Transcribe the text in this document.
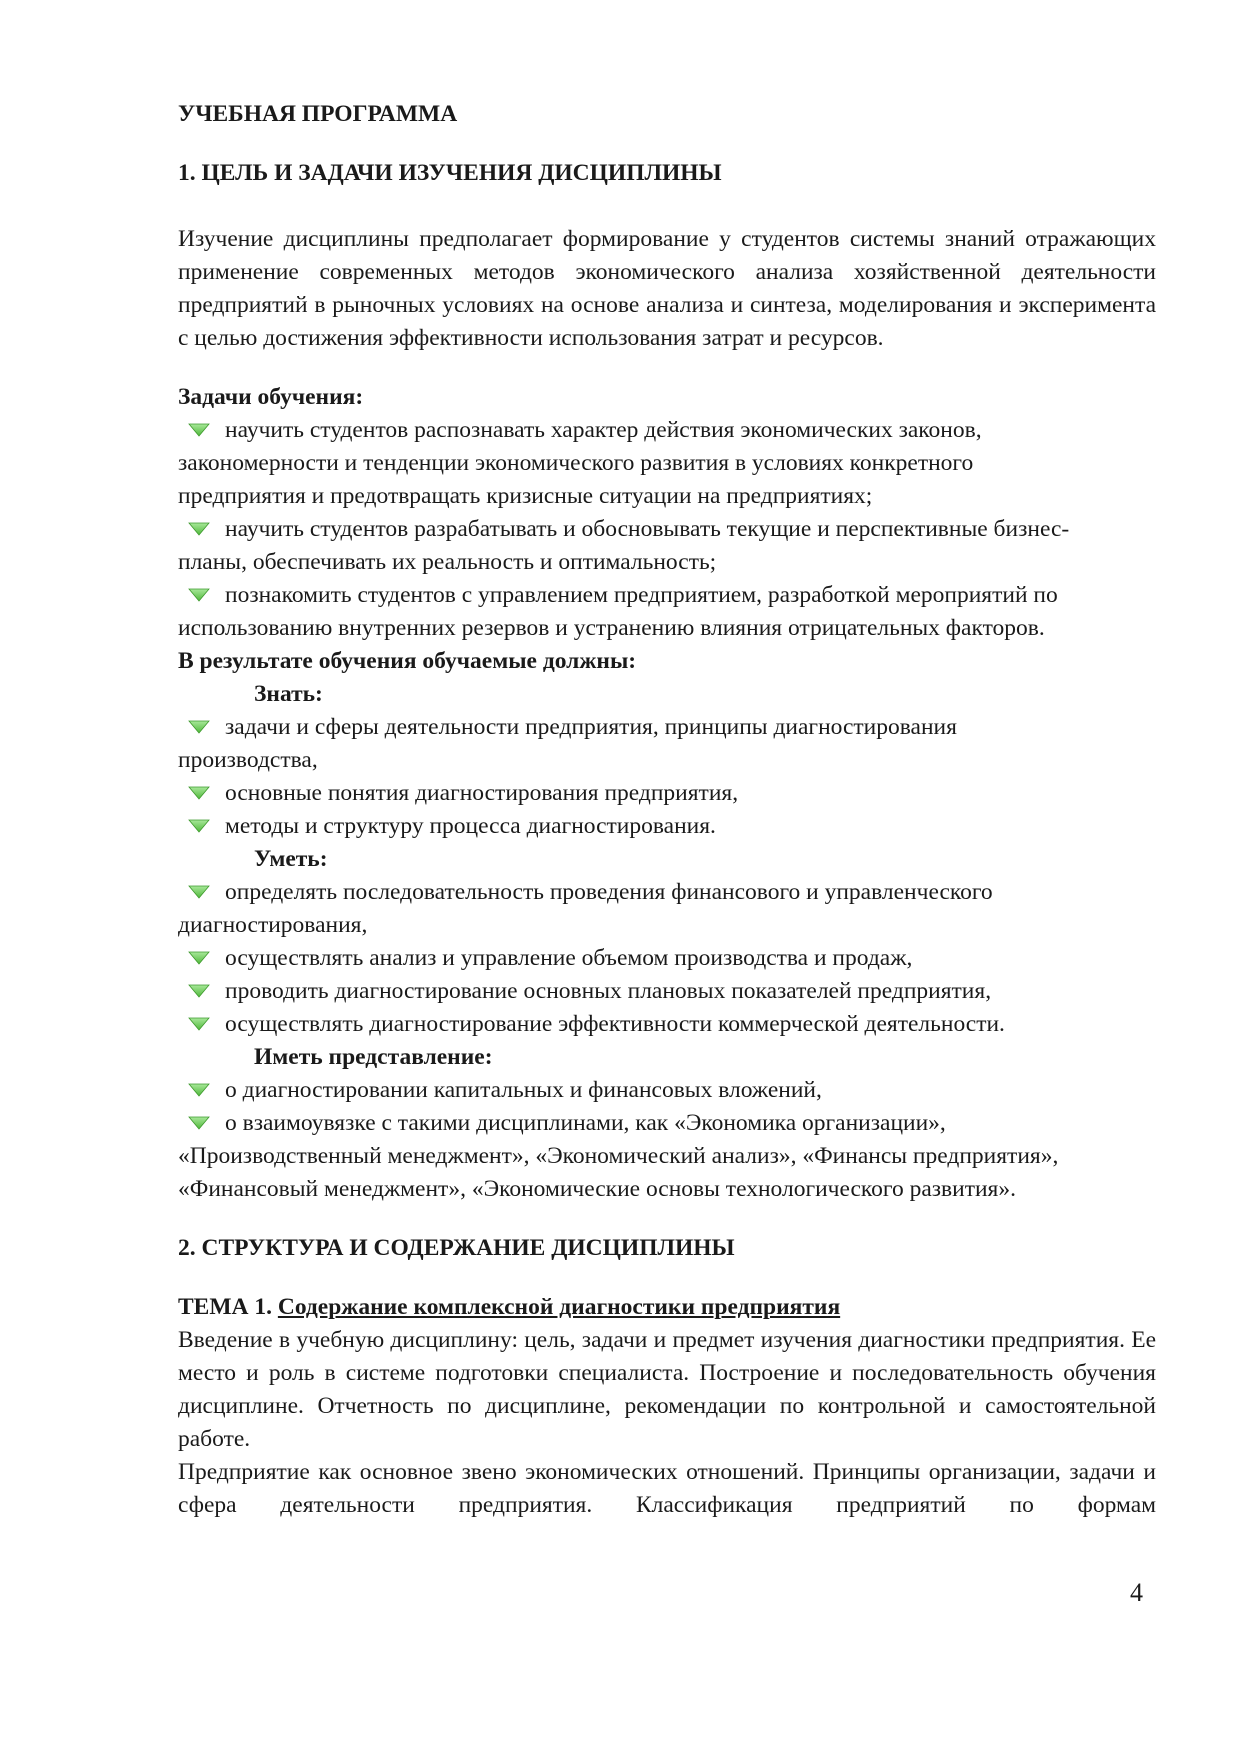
УЧЕБНАЯ ПРОГРАММА

1. ЦЕЛЬ И ЗАДАЧИ ИЗУЧЕНИЯ ДИСЦИПЛИНЫ

Изучение дисциплины предполагает формирование у студентов системы знаний отражающих применение современных методов экономического анализа хозяйственной деятельности предприятий в рыночных условиях на основе анализа и синтеза, моделирования и эксперимента с целью достижения эффективности использования затрат и ресурсов.

Задачи обучения:

научить студентов распознавать характер действия экономических законов,
закономерности и тенденции экономического развития в условиях конкретного
предприятия и предотвращать кризисные ситуации на предприятиях;
научить студентов разрабатывать и обосновывать текущие и перспективные бизнес-
планы, обеспечивать их реальность и оптимальность;
познакомить студентов с управлением предприятием, разработкой мероприятий по
использованию внутренних резервов и устранению влияния отрицательных факторов.

В результате обучения обучаемые должны:

Знать:

задачи и сферы деятельности предприятия, принципы диагностирования
производства,
основные понятия диагностирования предприятия,
методы и структуру процесса диагностирования.

Уметь:

определять последовательность проведения финансового и управленческого
диагностирования,
осуществлять анализ и управление объемом производства и продаж,
проводить диагностирование основных плановых показателей предприятия,
осуществлять диагностирование эффективности коммерческой деятельности.

Иметь представление:

о диагностировании капитальных и финансовых вложений,
о взаимоувязке с такими дисциплинами, как «Экономика организации»,
«Производственный менеджмент», «Экономический анализ», «Финансы предприятия»,
«Финансовый менеджмент», «Экономические основы технологического развития».

2. СТРУКТУРА И СОДЕРЖАНИЕ ДИСЦИПЛИНЫ

ТЕМА 1. Содержание комплексной диагностики предприятия

Введение в учебную дисциплину: цель, задачи и предмет изучения диагностики предприятия. Ее место и роль в системе подготовки специалиста. Построение и последовательность обучения дисциплине. Отчетность по дисциплине, рекомендации по контрольной и самостоятельной работе.

Предприятие как основное звено экономических отношений. Принципы организации, задачи и сфера деятельности предприятия. Классификация предприятий по формам

4
